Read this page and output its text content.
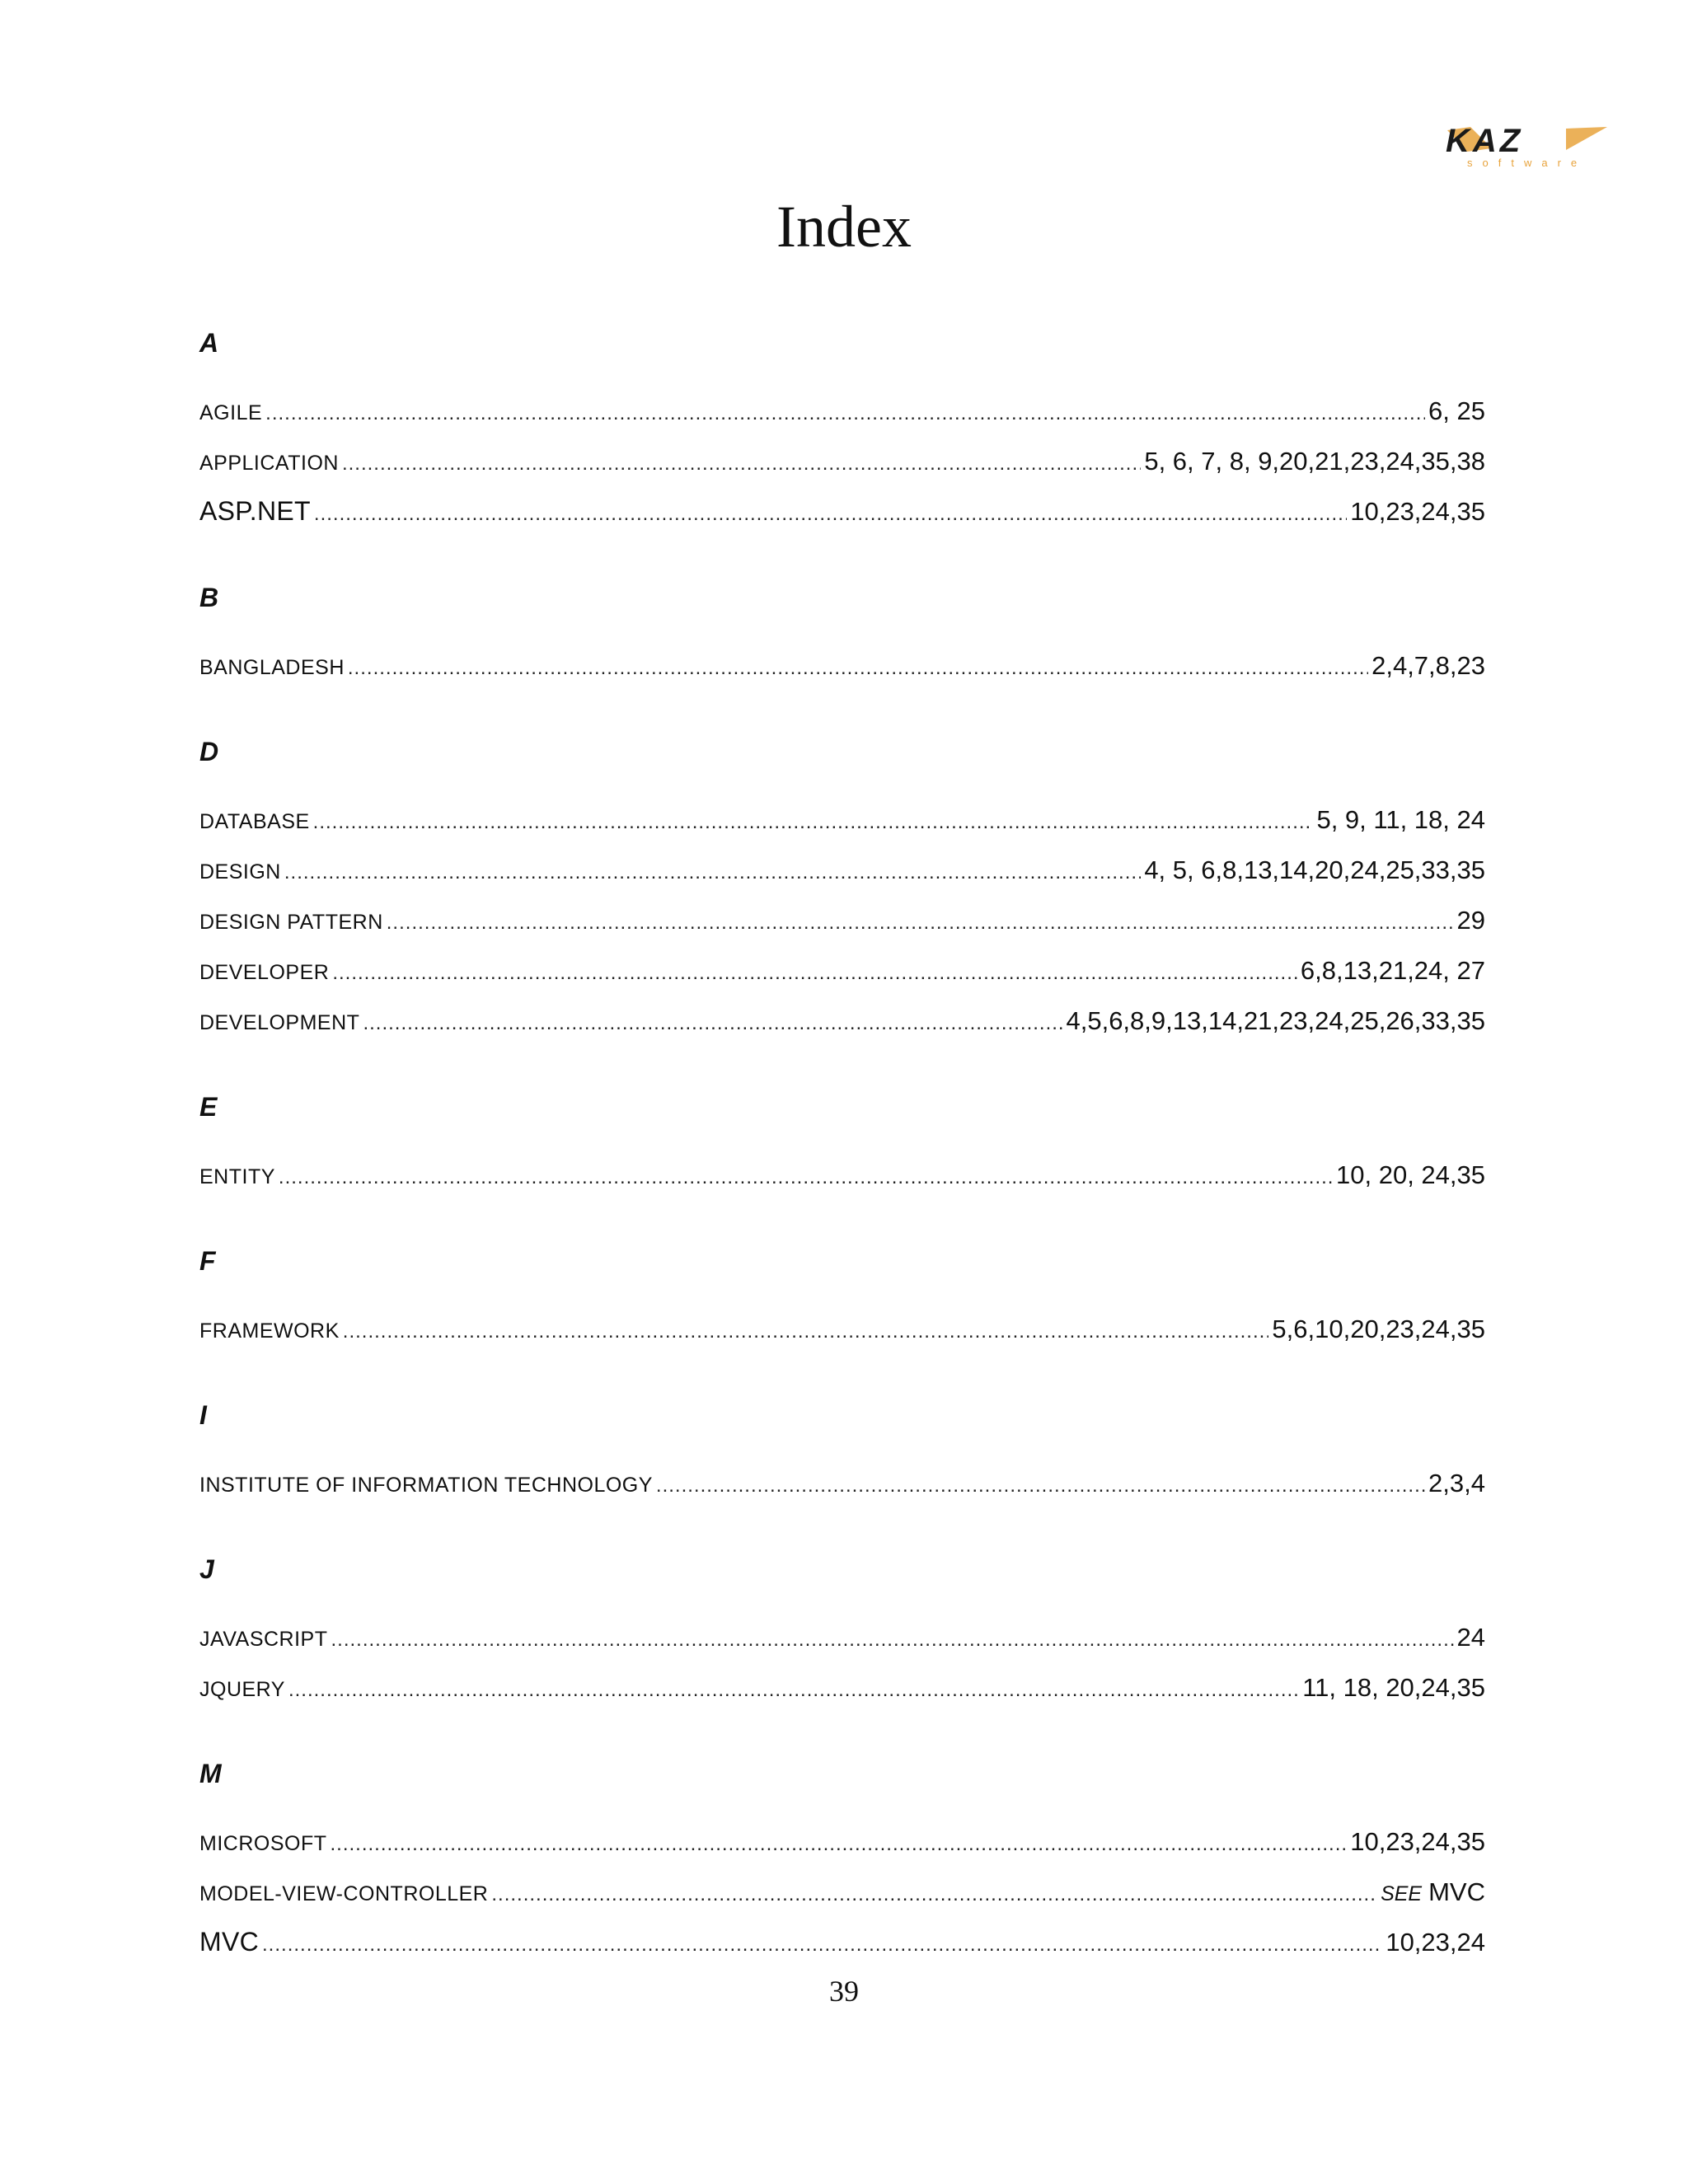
KAZ
software
Index
A
AGILE .....	6, 25
APPLICATION .....	5, 6, 7, 8, 9,20,21,23,24,35,38
ASP.NET .....	10,23,24,35
B
BANGLADESH .....	2,4,7,8,23
D
DATABASE .....	5, 9, 11, 18, 24
DESIGN .....	4, 5, 6,8,13,14,20,24,25,33,35
DESIGN PATTERN .....	29
DEVELOPER .....	6,8,13,21,24, 27
DEVELOPMENT .....	4,5,6,8,9,13,14,21,23,24,25,26,33,35
E
ENTITY .....	10, 20, 24,35
F
FRAMEWORK .....	5,6,10,20,23,24,35
I
INSTITUTE OF INFORMATION TECHNOLOGY .....	2,3,4
J
JAVASCRIPT .....	24
JQUERY .....	11, 18, 20,24,35
M
MICROSOFT .....	10,23,24,35
MODEL-VIEW-CONTROLLER .....	SEE MVC
MVC .....	10,23,24
39
